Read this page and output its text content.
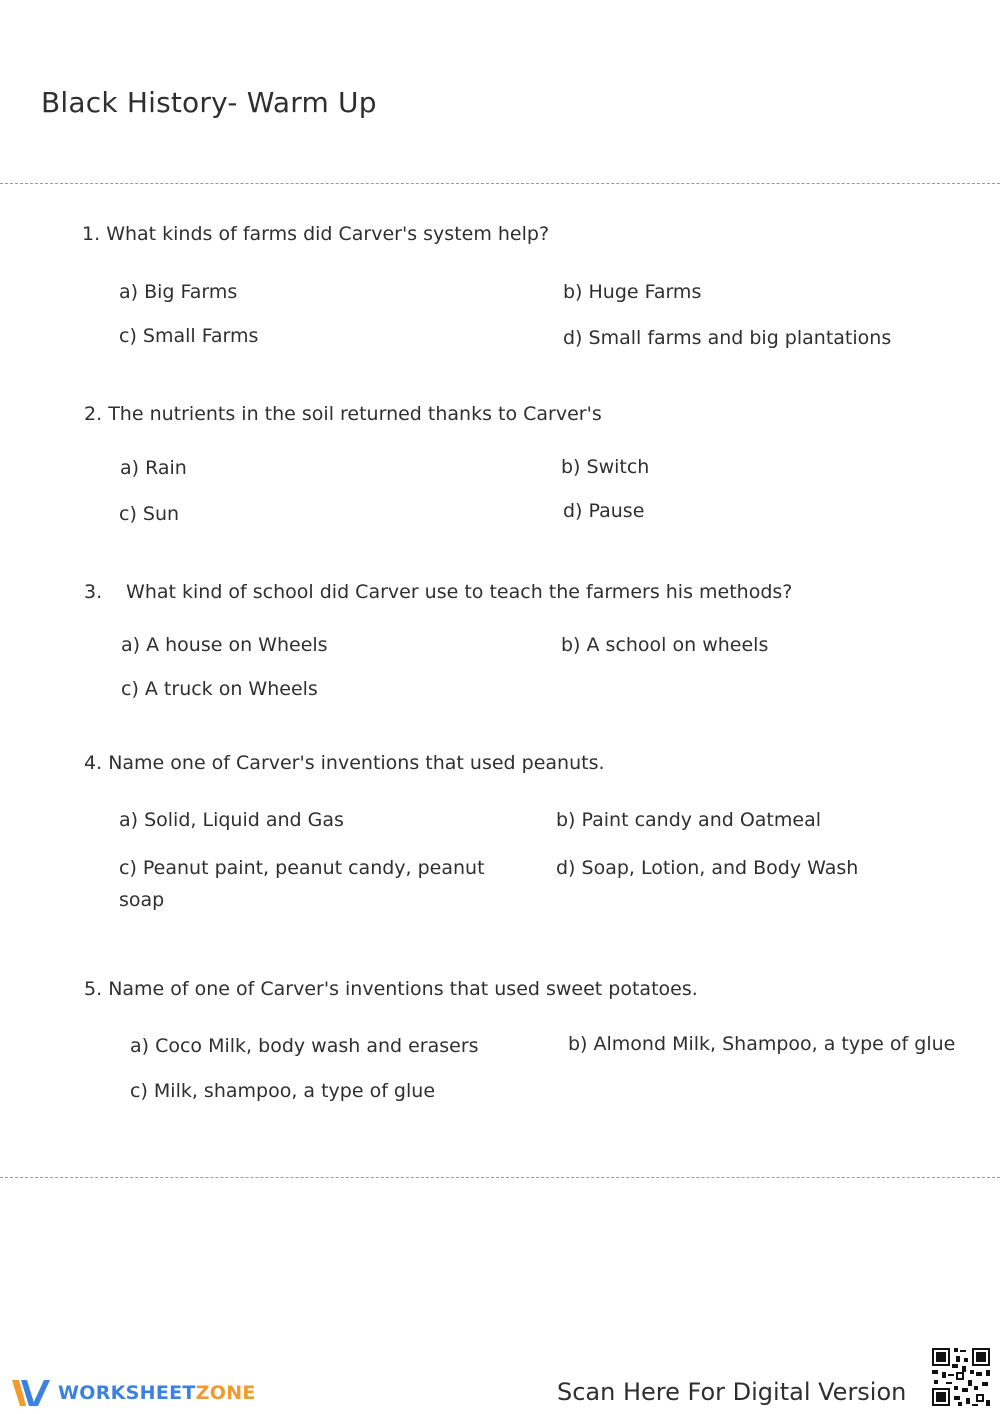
Black History- Warm Up
1. What kinds of farms did Carver's system help?
a) Big Farms	b) Huge Farms
c) Small Farms	d) Small farms and big plantations
2. The nutrients in the soil returned thanks to Carver's
a) Rain	b) Switch
c) Sun	d) Pause
3. What kind of school did Carver use to teach the farmers his methods?
a) A house on Wheels	b) A school on wheels
c) A truck on Wheels
4. Name one of Carver's inventions that used peanuts.
a) Solid, Liquid and Gas	b) Paint candy and Oatmeal
c) Peanut paint, peanut candy, peanut soap
d) Soap, Lotion, and Body Wash
5. Name of one of Carver's inventions that used sweet potatoes.
a) Coco Milk, body wash and erasers	b) Almond Milk, Shampoo, a type of glue
c) Milk, shampoo, a type of glue
WORKSHEETZONE	Scan Here For Digital Version
